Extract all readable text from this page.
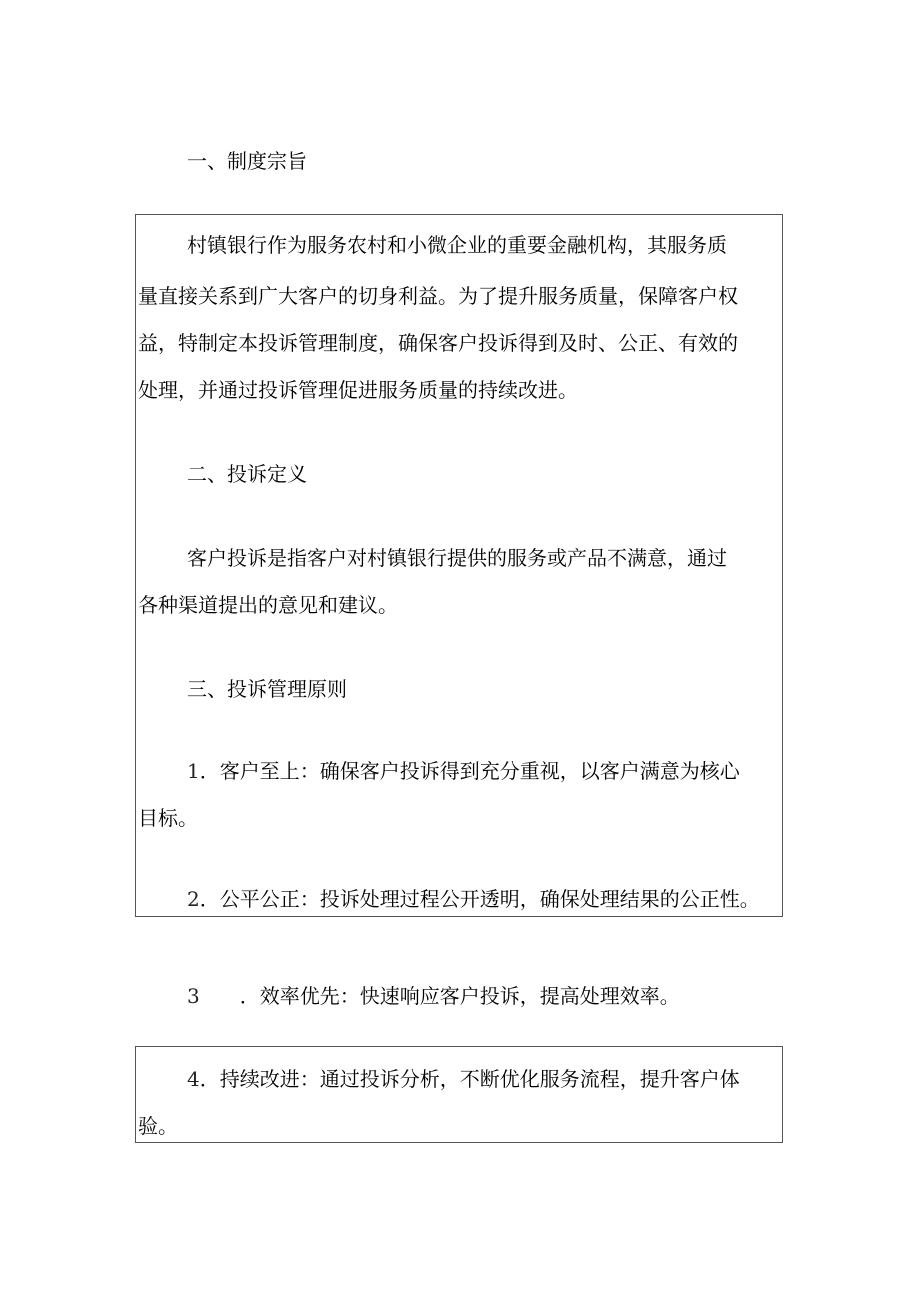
一、制度宗旨
村镇银行作为服务农村和小微企业的重要金融机构，其服务质
量直接关系到广大客户的切身利益。为了提升服务质量，保障客户权
益，特制定本投诉管理制度，确保客户投诉得到及时、公正、有效的
处理，并通过投诉管理促进服务质量的持续改进。
二、投诉定义
客户投诉是指客户对村镇银行提供的服务或产品不满意，通过
各种渠道提出的意见和建议。
三、投诉管理原则
1．客户至上：确保客户投诉得到充分重视，以客户满意为核心
目标。
2．公平公正：投诉处理过程公开透明，确保处理结果的公正性。
3 ．效率优先：快速响应客户投诉，提高处理效率。
4．持续改进：通过投诉分析，不断优化服务流程，提升客户体
验。
